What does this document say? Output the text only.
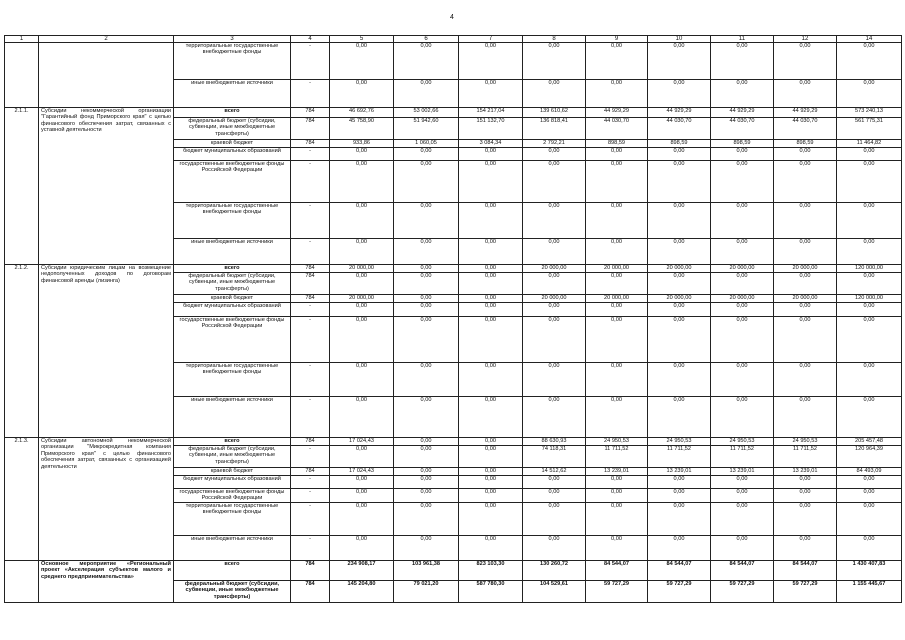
4
1	2	3	4	5	6	7	8	9	10	11	12	14
		территориальные государственные внебюджетные фонды	-	0,00	0,00	0,00	0,00	0,00	0,00	0,00	0,00	0,00
		иные внебюджетные источники	-	0,00	0,00	0,00	0,00	0,00	0,00	0,00	0,00	0,00
2.1.1.	Субсидии некоммерческой организации "Гарантийный фонд Приморского края" с целью финансового обеспечения затрат, связанных с уставной деятельности	всего	784	46 692,76	53 002,66	154 217,04	139 610,62	44 929,29	44 929,29	44 929,29	44 929,29	573 240,13
		федеральный бюджет (субсидии, субвенции, иные межбюджетные трансферты)	784	45 758,90	51 942,60	151 132,70	136 818,41	44 030,70	44 030,70	44 030,70	44 030,70	561 775,31
		краевой бюджет	784	933,86	1 060,05	3 084,34	2 792,21	898,59	898,59	898,59	898,59	11 464,82
		бюджет муниципальных образований	-	0,00	0,00	0,00	0,00	0,00	0,00	0,00	0,00	0,00
		государственные внебюджетные фонды Российской Федерации	-	0,00	0,00	0,00	0,00	0,00	0,00	0,00	0,00	0,00
		территориальные государственные внебюджетные фонды	-	0,00	0,00	0,00	0,00	0,00	0,00	0,00	0,00	0,00
		иные внебюджетные источники	-	0,00	0,00	0,00	0,00	0,00	0,00	0,00	0,00	0,00
2.1.2.	Субсидии юридическим лицам на возмещение недополученных доходов по договорам финансовой аренды (лизинга)	всего	784	20 000,00	0,00	0,00	20 000,00	20 000,00	20 000,00	20 000,00	20 000,00	120 000,00
		федеральный бюджет (субсидии, субвенции, иные межбюджетные трансферты)	784	0,00	0,00	0,00	0,00	0,00	0,00	0,00	0,00	0,00
		краевой бюджет	784	20 000,00	0,00	0,00	20 000,00	20 000,00	20 000,00	20 000,00	20 000,00	120 000,00
		бюджет муниципальных образований	-	0,00	0,00	0,00	0,00	0,00	0,00	0,00	0,00	0,00
		государственные внебюджетные фонды Российской Федерации	-	0,00	0,00	0,00	0,00	0,00	0,00	0,00	0,00	0,00
		территориальные государственные внебюджетные фонды	-	0,00	0,00	0,00	0,00	0,00	0,00	0,00	0,00	0,00
		иные внебюджетные источники	-	0,00	0,00	0,00	0,00	0,00	0,00	0,00	0,00	0,00
2.1.3.	Субсидии автономной некоммерческой организации "Микрокредитная компания Приморского края" с целью финансового обеспечения затрат, связанных с организацией деятельности	всего	784	17 024,43	0,00	0,00	88 630,93	24 950,53	24 950,53	24 950,53	24 950,53	205 457,48
		федеральный бюджет (субсидии, субвенции, иные межбюджетные трансферты)	-	0,00	0,00	0,00	74 118,31	11 711,52	11 711,52	11 711,52	11 711,52	120 964,39
		краевой бюджет	784	17 024,43	0,00	0,00	14 512,62	13 239,01	13 239,01	13 239,01	13 239,01	84 493,09
		бюджет муниципальных образований	-	0,00	0,00	0,00	0,00	0,00	0,00	0,00	0,00	0,00
		государственные внебюджетные фонды Российской Федерации	-	0,00	0,00	0,00	0,00	0,00	0,00	0,00	0,00	0,00
		территориальные государственные внебюджетные фонды	-	0,00	0,00	0,00	0,00	0,00	0,00	0,00	0,00	0,00
		иные внебюджетные источники	-	0,00	0,00	0,00	0,00	0,00	0,00	0,00	0,00	0,00
	Основное мероприятие «Региональный проект «Акселерация субъектов малого и среднего предпринимательства»	всего	784	234 908,17	103 961,38	823 103,30	130 260,72	84 544,07	84 544,07	84 544,07	84 544,07	1 430 407,83
		федеральный бюджет (субсидии, субвенции, иные межбюджетные трансферты)	784	145 204,80	79 021,20	587 780,30	104 529,61	59 727,29	59 727,29	59 727,29	59 727,29	1 155 445,67
